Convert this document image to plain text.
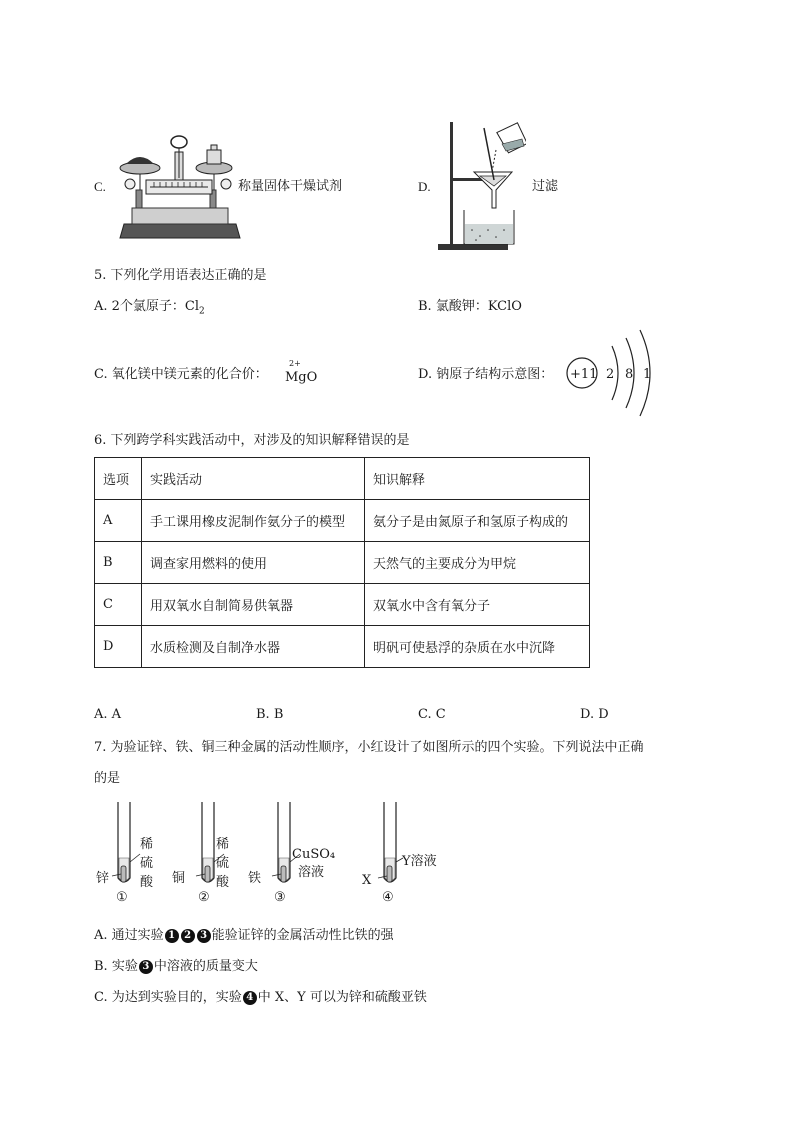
C.	称量固体干燥试剂	D.	过滤
5. 下列化学用语表达正确的是
A. 2个氯原子：$Cl_2$	B. 氯酸钾：KClO
C. 氧化镁中镁元素的化合价：
2+
MgO	D. 钠原子结构示意图： +11 2 8 1
6. 下列跨学科实践活动中，对涉及的知识解释错误的是
选项	实践活动	知识解释
A	手工课用橡皮泥制作氨分子的模型	氨分子是由氮原子和氢原子构成的
B	调查家用燃料的使用	天然气的主要成分为甲烷
C	用双氧水自制简易供氧器	双氧水中含有氧分子
D	水质检测及自制净水器	明矾可使悬浮的杂质在水中沉降
A. A	B. B	C. C	D. D
7. 为验证锌、铁、铜三种金属的活动性顺序，小红设计了如图所示的四个实验。下列说法中正确
的是
锌
稀
硫
酸
①
铜
稀
硫
酸
②
铁
CuSO₄
溶液
③
X
Y溶液
④
A. 通过实验 1 2 3 能验证锌的金属活动性比铁的强
B. 实验 3 中溶液的质量变大
C. 为达到实验目的，实验 4 中 X、Y 可以为锌和硫酸亚铁
